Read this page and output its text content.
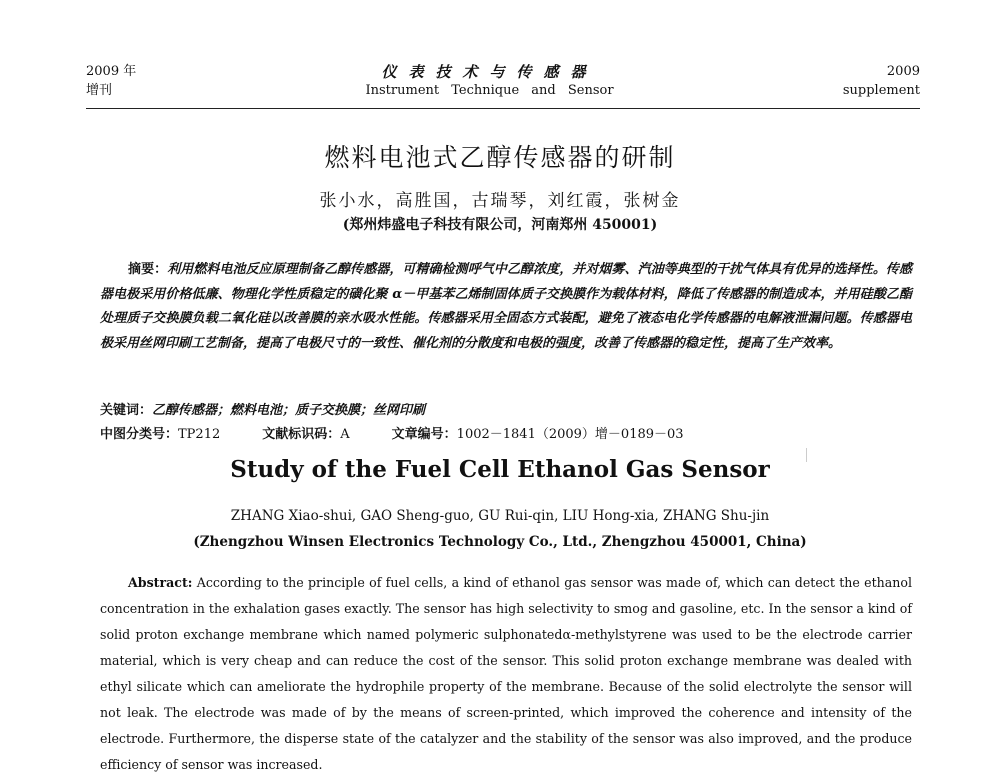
2009 年
增刊
仪表技术与传感器
Instrument Technique and Sensor
2009
supplement
燃料电池式乙醇传感器的研制
张小水，高胜国，古瑞琴，刘红霞，张树金
(郑州炜盛电子科技有限公司，河南郑州 450001)
摘要：利用燃料电池反应原理制备乙醇传感器，可精确检测呼气中乙醇浓度，并对烟雾、汽油等典型的干扰气体具有优异的选择性。传感器电极采用价格低廉、物理化学性质稳定的磺化聚 α－甲基苯乙烯制固体质子交换膜作为载体材料，降低了传感器的制造成本，并用硅酸乙酯处理质子交换膜负载二氧化硅以改善膜的亲水吸水性能。传感器采用全固态方式装配，避免了液态电化学传感器的电解液泄漏问题。传感器电极采用丝网印刷工艺制备，提高了电极尺寸的一致性、催化剂的分散度和电极的强度，改善了传感器的稳定性，提高了生产效率。
关键词：乙醇传感器；燃料电池；质子交换膜；丝网印刷
中图分类号：TP212	文献标识码：A	文章编号：1002－1841（2009）增－0189－03
Study of the Fuel Cell Ethanol Gas Sensor
ZHANG Xiao-shui, GAO Sheng-guo, GU Rui-qin, LIU Hong-xia, ZHANG Shu-jin
(Zhengzhou Winsen Electronics Technology Co., Ltd., Zhengzhou 450001, China)
Abstract: According to the principle of fuel cells, a kind of ethanol gas sensor was made of, which can detect the ethanol concentration in the exhalation gases exactly. The sensor has high selectivity to smog and gasoline, etc. In the sensor a kind of solid proton exchange membrane which named polymeric sulphonatedα-methylstyrene was used to be the electrode carrier material, which is very cheap and can reduce the cost of the sensor. This solid proton exchange membrane was dealed with ethyl silicate which can ameliorate the hydrophile property of the membrane. Because of the solid electrolyte the sensor will not leak. The electrode was made of by the means of screen-printed, which improved the coherence and intensity of the electrode. Furthermore, the disperse state of the catalyzer and the stability of the sensor was also improved, and the produce efficiency of sensor was increased.
